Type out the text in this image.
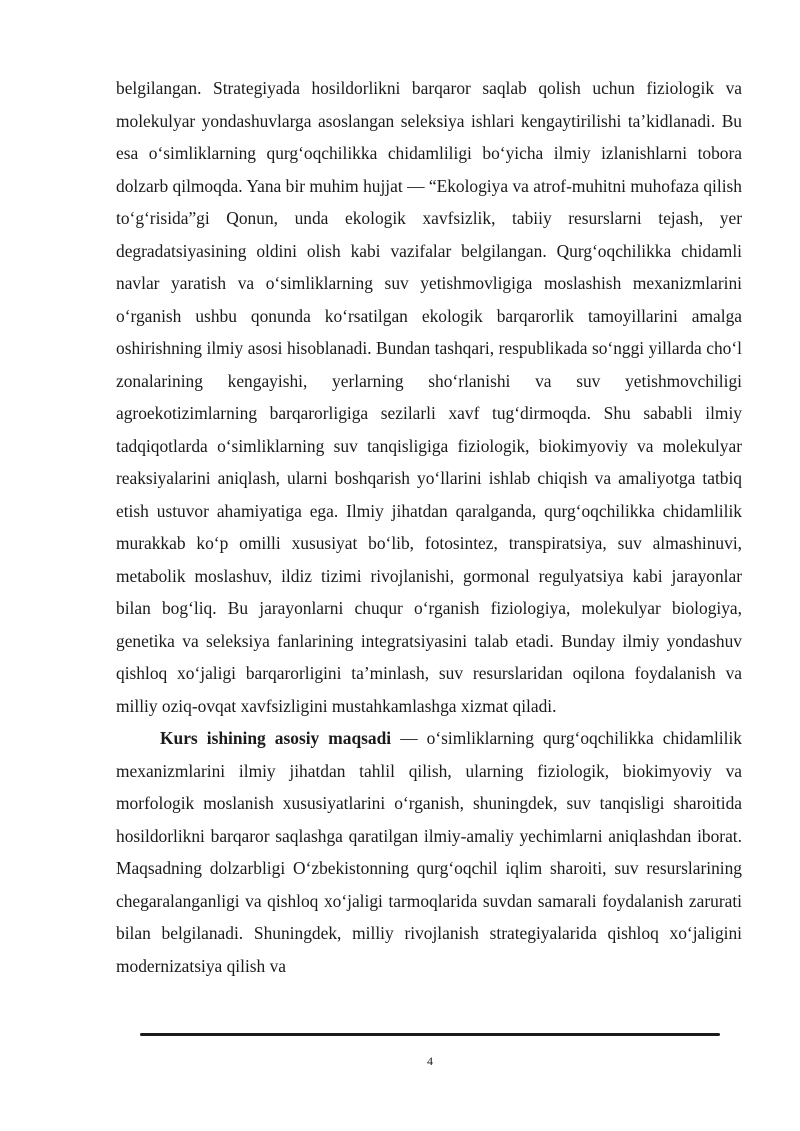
belgilangan. Strategiyada hosildorlikni barqaror saqlab qolish uchun fiziologik va molekulyar yondashuvlarga asoslangan seleksiya ishlari kengaytirilishi ta’kidlanadi. Bu esa o‘simliklarning qurg‘oqchilikka chidamliligi bo‘yicha ilmiy izlanishlarni tobora dolzarb qilmoqda. Yana bir muhim hujjat — “Ekologiya va atrof-muhitni muhofaza qilish to‘g‘risida”gi Qonun, unda ekologik xavfsizlik, tabiiy resurslarni tejash, yer degradatsiyasining oldini olish kabi vazifalar belgilangan. Qurg‘oqchilikka chidamli navlar yaratish va o‘simliklarning suv yetishmovligiga moslashish mexanizmlarini o‘rganish ushbu qonunda ko‘rsatilgan ekologik barqarorlik tamoyillarini amalga oshirishning ilmiy asosi hisoblanadi. Bundan tashqari, respublikada so‘nggi yillarda cho‘l zonalarining kengayishi, yerlarning sho‘rlanishi va suv yetishmovchiligi agroekotizimlarning barqarorligiga sezilarli xavf tug‘dirmoqda. Shu sababli ilmiy tadqiqotlarda o‘simliklarning suv tanqisligiga fiziologik, biokimyoviy va molekulyar reaksiyalarini aniqlash, ularni boshqarish yo‘llarini ishlab chiqish va amaliyotga tatbiq etish ustuvor ahamiyatiga ega. Ilmiy jihatdan qaralganda, qurg‘oqchilikka chidamlilik murakkab ko‘p omilli xususiyat bo‘lib, fotosintez, transpiratsiya, suv almashinuvi, metabolik moslashuv, ildiz tizimi rivojlanishi, gormonal regulyatsiya kabi jarayonlar bilan bog‘liq. Bu jarayonlarni chuqur o‘rganish fiziologiya, molekulyar biologiya, genetika va seleksiya fanlarining integratsiyasini talab etadi. Bunday ilmiy yondashuv qishloq xo‘jaligi barqarorligini ta’minlash, suv resurslaridan oqilona foydalanish va milliy oziq-ovqat xavfsizligini mustahkamlashga xizmat qiladi.

Kurs ishining asosiy maqsadi — o‘simliklarning qurg‘oqchilikka chidamlilik mexanizmlarini ilmiy jihatdan tahlil qilish, ularning fiziologik, biokimyoviy va morfologik moslanish xususiyatlarini o‘rganish, shuningdek, suv tanqisligi sharoitida hosildorlikni barqaror saqlashga qaratilgan ilmiy-amaliy yechimlarni aniqlashdan iborat. Maqsadning dolzarbligi O‘zbekistonning qurg‘oqchil iqlim sharoiti, suv resurslarining chegaralanganligi va qishloq xo‘jaligi tarmoqlarida suvdan samarali foydalanish zarurati bilan belgilanadi. Shuningdek, milliy rivojlanish strategiyalarida qishloq xo‘jaligini modernizatsiya qilish va

4
